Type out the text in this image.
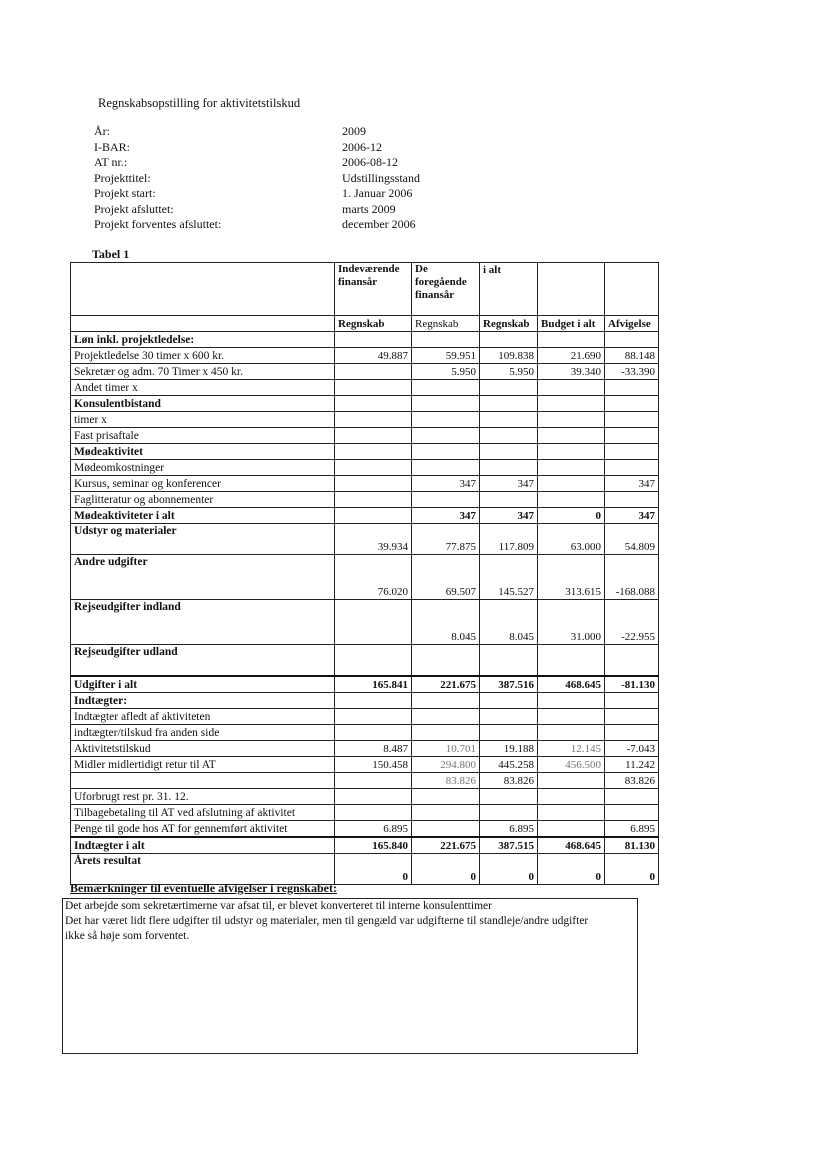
Regnskabsopstilling for aktivitetstilskud
År:	2009
I-BAR:	2006-12
AT nr.:	2006-08-12
Projekttitel:	Udstillingsstand
Projekt start:	1. Januar 2006
Projekt afsluttet:	marts 2009
Projekt forventes afsluttet:	december 2006
Tabel 1
	Indeværende finansår	De foregående finansår	i alt		
	Regnskab	Regnskab	Regnskab	Budget i alt	Afvigelse
Løn inkl. projektledelse:					
Projektledelse 30 timer x 600 kr.	49.887	59.951	109.838	21.690	88.148
Sekretær og adm. 70 Timer x 450 kr.		5.950	5.950	39.340	-33.390
Andet timer x					
Konsulentbistand					
timer x					
Fast prisaftale					
Mødeaktivitet					
Mødeomkostninger					
Kursus, seminar og konferencer		347	347		347
Faglitteratur og abonnementer					
Mødeaktiviteter i alt		347	347	0	347
Udstyr og materialer	39.934	77.875	117.809	63.000	54.809
Andre udgifter	76.020	69.507	145.527	313.615	-168.088
Rejseudgifter indland		8.045	8.045	31.000	-22.955
Rejseudgifter udland					
Udgifter i alt	165.841	221.675	387.516	468.645	-81.130
Indtægter:					
Indtægter afledt af aktiviteten					
indtægter/tilskud fra anden side					
Aktivitetstilskud	8.487	10.701	19.188	12.145	-7.043
Midler midlertidigt retur til AT	150.458	294.800	445.258	456.500	11.242
		83.826	83.826		83.826
Uforbrugt rest pr. 31. 12.					
Tilbagebetaling til AT ved afslutning af aktivitet					
Penge til gode hos AT for gennemført aktivitet	6.895		6.895		6.895
Indtægter i alt	165.840	221.675	387.515	468.645	81.130
Årets resultat	0	0	0	0	0
Bemærkninger til eventuelle afvigelser i regnskabet:
Det arbejde som sekretærtimerne var afsat til, er blevet konverteret til interne konsulenttimer
Det har været lidt flere udgifter til udstyr og materialer, men til gengæld var udgifterne til standleje/andre udgifter
ikke så høje som forventet.
